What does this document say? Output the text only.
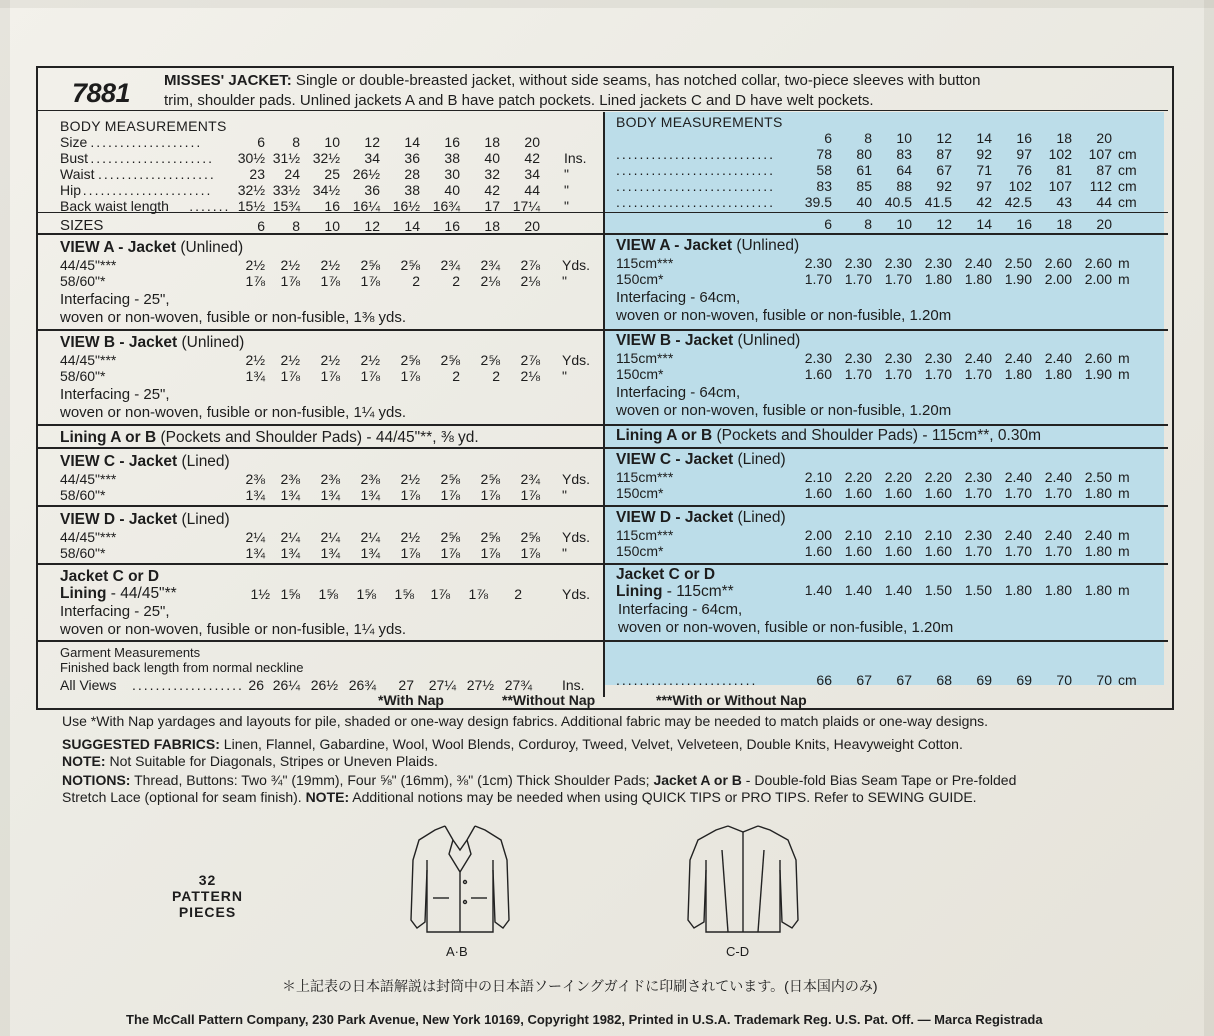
7881 MISSES' JACKET: Single or double-breasted jacket, without side seams, has notched collar, two-piece sleeves with button
trim, shoulder pads. Unlined jackets A and B have patch pockets. Lined jackets C and D have welt pockets.
BODY MEASUREMENTS
Size ...................	6	8	10	12	14	16	18	20
Bust .....................	30½ 31½ 32½	34	36	38	40	42 Ins.
Waist ....................	23	24	25 26½	28	30	32	34 "
Hip ......................	32½ 33½ 34½	36	38	40	42	44 "
Back waist length ....... 15½ 15¾	16 16¼ 16½ 16¾	17 17¼ "
SIZES	6	8	10	12	14	16	18	20
VIEW A - Jacket (Unlined)
44/45"***	2½	2½	2½	2⅝	2⅝	2¾	2¾	2⅞ Yds.
58/60"*	1⅞	1⅞	1⅞	1⅞	2	2	2⅛	2⅛ "
Interfacing - 25",
woven or non-woven, fusible or non-fusible, 1⅜ yds.
VIEW B - Jacket (Unlined)
44/45"***	2½	2½	2½	2½	2⅝	2⅝	2⅝	2⅞ Yds.
58/60"*	1¾	1⅞	1⅞	1⅞	1⅞	2	2	2⅛ "
Interfacing - 25",
woven or non-woven, fusible or non-fusible, 1¼ yds.
VIEW C - Jacket (Lined)
44/45"***	2⅜	2⅜	2⅜	2⅜	2½	2⅝	2⅝	2¾ Yds.
58/60"*	1¾	1¾	1¾	1¾	1⅞	1⅞	1⅞	1⅞ "
VIEW D - Jacket (Lined)
44/45"***	2¼	2¼	2¼	2¼	2½	2⅝	2⅝	2⅝ Yds.
58/60"*	1¾	1¾	1¾	1¾	1⅞	1⅞	1⅞	1⅞ "
Lining A or B (Pockets and Shoulder Pads) - 44/45"**, ⅜ yd.
Jacket C or D
Lining - 44/45"**	1½ 1⅝	1⅝	1⅝	1⅝	1⅞	1⅞	2	Yds.
Interfacing - 25",
woven or non-woven, fusible or non-fusible, 1¼ yds.
Garment Measurements
Finished back length from normal neckline
All Views ................... 26 26¼ 26½ 26¾	27	27¼ 27½ 27¾ Ins.
BODY MEASUREMENTS
6	8	10	12	14	16	18	20
...........................	78	80	83	87	92	97	102	107 cm
...........................	58	61	64	67	71	76	81	87 cm
...........................	83	85	88	92	97	102	107	112 cm
...........................	39.5	40 40.5 41.5	42 42.5	43	44 cm
6	8	10	12	14	16	18	20
VIEW A - Jacket (Unlined)
115cm***	2.30 2.30 2.30 2.30 2.40 2.50 2.60 2.60 m
150cm*	1.70 1.70 1.70 1.80 1.80 1.90 2.00 2.00 m
Interfacing - 64cm,
woven or non-woven, fusible or non-fusible, 1.20m
VIEW B - Jacket (Unlined)
115cm***	2.30 2.30 2.30 2.30 2.40 2.40 2.40 2.60 m
150cm*	1.60 1.70 1.70 1.70 1.70 1.80 1.80 1.90 m
Interfacing - 64cm,
woven or non-woven, fusible or non-fusible, 1.20m
VIEW C - Jacket (Lined)
115cm***	2.10 2.20 2.20 2.20 2.30 2.40 2.40 2.50 m
150cm*	1.60 1.60 1.60 1.60 1.70 1.70 1.70 1.80 m
VIEW D - Jacket (Lined)
115cm***	2.00 2.10 2.10 2.10 2.30 2.40 2.40 2.40 m
150cm*	1.60 1.60 1.60 1.60 1.70 1.70 1.70 1.80 m
Lining A or B (Pockets and Shoulder Pads) - 115cm**, 0.30m
Jacket C or D
Lining - 115cm**	1.40 1.40 1.40 1.50 1.50 1.80 1.80 1.80 m
Interfacing - 64cm,
woven or non-woven, fusible or non-fusible, 1.20m
........................	66	67	67	68	69	69	70	70 cm
*With Nap	**Without Nap	***With or Without Nap
Use *With Nap yardages and layouts for pile, shaded or one-way design fabrics. Additional fabric may be needed to match plaids or one-way designs.
SUGGESTED FABRICS: Linen, Flannel, Gabardine, Wool, Wool Blends, Corduroy, Tweed, Velvet, Velveteen, Double Knits, Heavyweight Cotton.
NOTE: Not Suitable for Diagonals, Stripes or Uneven Plaids.
NOTIONS: Thread, Buttons: Two ¾" (19mm), Four ⅝" (16mm), ⅜" (1cm) Thick Shoulder Pads; Jacket A or B - Double-fold Bias Seam Tape or Pre-folded
Stretch Lace (optional for seam finish). NOTE: Additional notions may be needed when using QUICK TIPS or PRO TIPS. Refer to SEWING GUIDE.
32
PATTERN
PIECES
A·B	C-D
＊上記表の日本語解説は封筒中の日本語ソーイングガイドに印刷されています。(日本国内のみ)
The McCall Pattern Company, 230 Park Avenue, New York 10169, Copyright 1982, Printed in U.S.A. Trademark Reg. U.S. Pat. Off. — Marca Registrada
